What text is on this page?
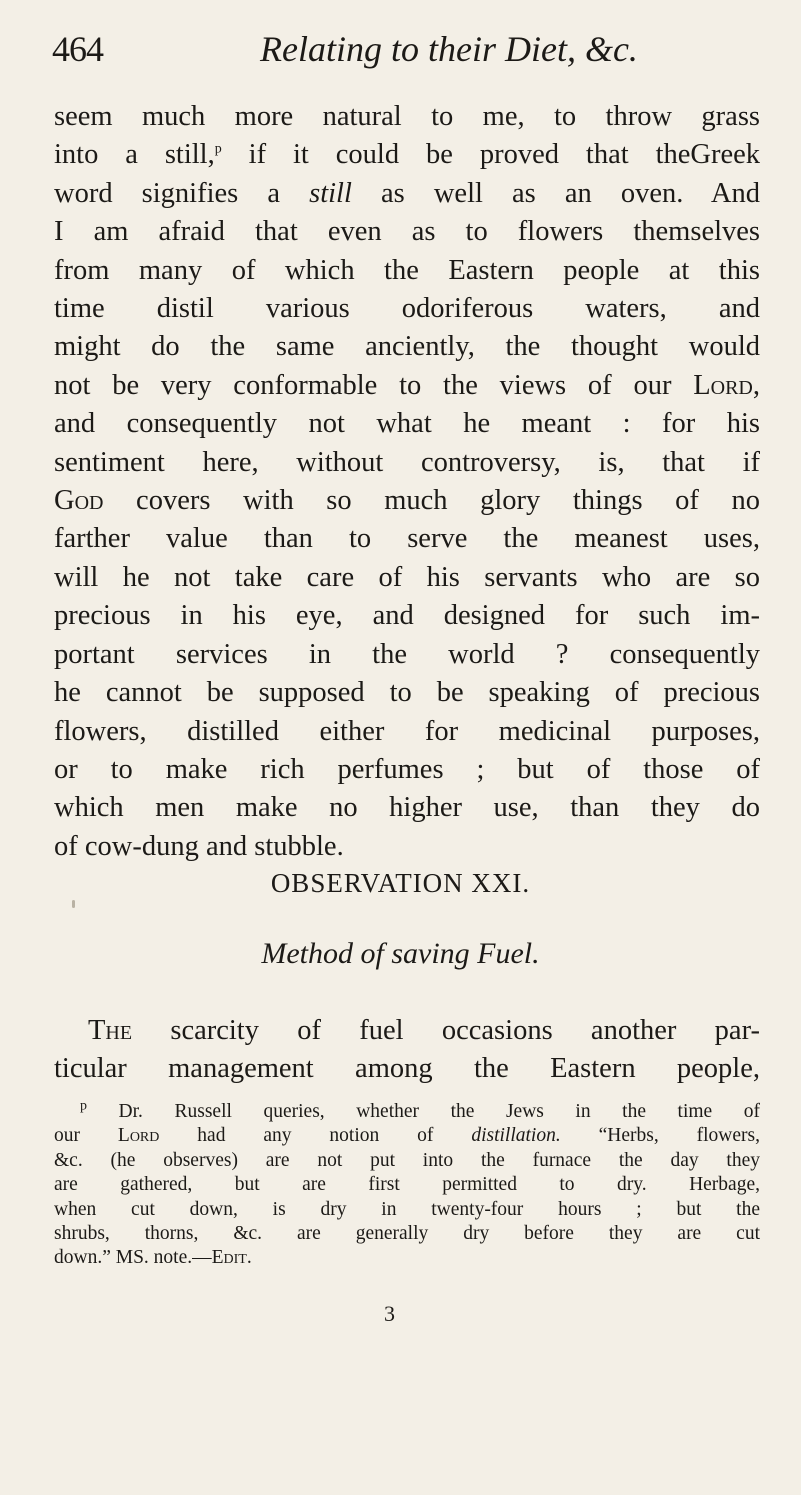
464	Relating to their Diet, &c.
seem much more natural to me, to throw grass
into a still,$^p$ if it could be proved that theGreek
word signifies a still as well as an oven. And
I am afraid that even as to flowers themselves
from many of which the Eastern people at this
time distil various odoriferous waters, and
might do the same anciently, the thought would
not be very conformable to the views of our Lord,
and consequently not what he meant : for his
sentiment here, without controversy, is, that if
God covers with so much glory things of no
farther value than to serve the meanest uses,
will he not take care of his servants who are so
precious in his eye, and designed for such im-
portant services in the world ? consequently
he cannot be supposed to be speaking of precious
flowers, distilled either for medicinal purposes,
or to make rich perfumes ; but of those of
which men make no higher use, than they do
of cow-dung and stubble.
OBSERVATION XXI.
Method of saving Fuel.
The scarcity of fuel occasions another par-
ticular management among the Eastern people,
$^p$ Dr. Russell queries, whether the Jews in the time of
our Lord had any notion of distillation. “Herbs, flowers,
&c. (he observes) are not put into the furnace the day they
are gathered, but are first permitted to dry. Herbage,
when cut down, is dry in twenty-four hours ; but the
shrubs, thorns, &c. are generally dry before they are cut
down.” MS. note.—Edit.
3
